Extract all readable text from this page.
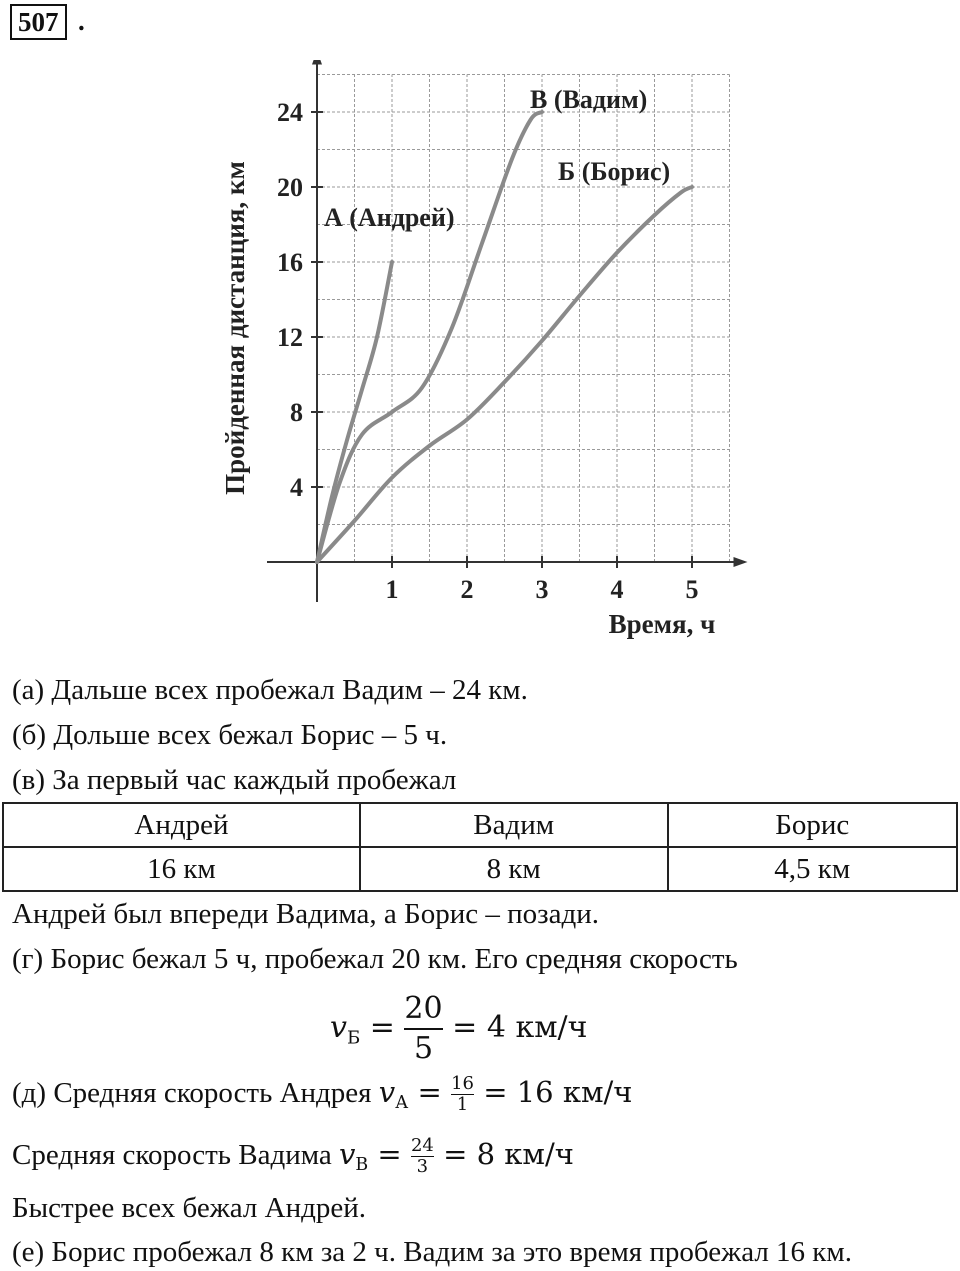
507 .
1 2 3 4 5
4
8
12
16
20
24
Пройденная дистанция, км
Время, ч
А (Андрей)
В (Вадим)
Б (Борис)
(а) Дальше всех пробежал Вадим – 24 км.
(б) Дольше всех бежал Борис – 5 ч.
(в) За первый час каждый пробежал
Андрей	Вадим	Борис
16 км	8 км	4,5 км
Андрей был впереди Вадима, а Борис – позади.
(г) Борис бежал 5 ч, пробежал 20 км. Его средняя скорость
$v_Б = \frac{20}{5} = 4$ км/ч
(д) Средняя скорость Андрея $v_А = \frac{16}{1} = 16$ км/ч
Средняя скорость Вадима $v_В = \frac{24}{3} = 8$ км/ч
Быстрее всех бежал Андрей.
(е) Борис пробежал 8 км за 2 ч. Вадим за это время пробежал 16 км.
